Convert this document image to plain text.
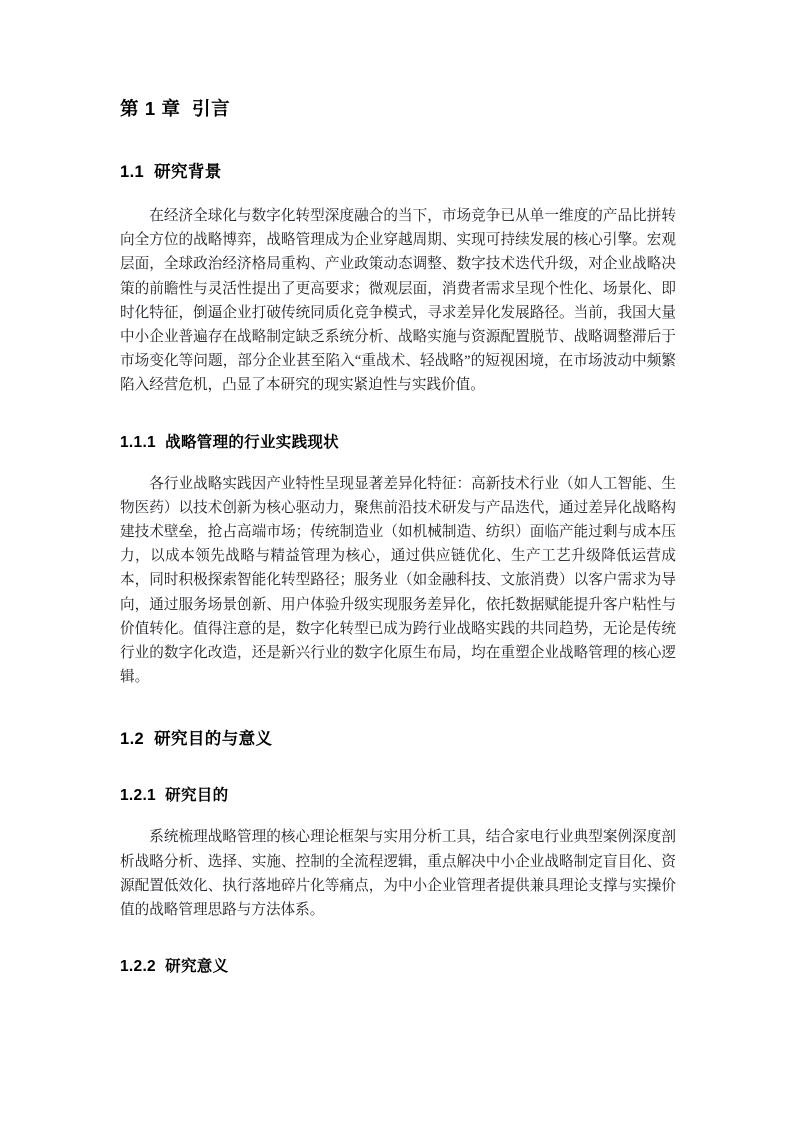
第 1 章  引言
1.1  研究背景

在经济全球化与数字化转型深度融合的当下，市场竞争已从单一维度的产品比拼转向全方位的战略博弈，战略管理成为企业穿越周期、实现可持续发展的核心引擎。宏观层面，全球政治经济格局重构、产业政策动态调整、数字技术迭代升级，对企业战略决策的前瞻性与灵活性提出了更高要求；微观层面，消费者需求呈现个性化、场景化、即时化特征，倒逼企业打破传统同质化竞争模式，寻求差异化发展路径。当前，我国大量中小企业普遍存在战略制定缺乏系统分析、战略实施与资源配置脱节、战略调整滞后于市场变化等问题，部分企业甚至陷入“重战术、轻战略”的短视困境，在市场波动中频繁陷入经营危机，凸显了本研究的现实紧迫性与实践价值。

1.1.1  战略管理的行业实践现状

各行业战略实践因产业特性呈现显著差异化特征：高新技术行业（如人工智能、生物医药）以技术创新为核心驱动力，聚焦前沿技术研发与产品迭代，通过差异化战略构建技术壁垒，抢占高端市场；传统制造业（如机械制造、纺织）面临产能过剩与成本压力，以成本领先战略与精益管理为核心，通过供应链优化、生产工艺升级降低运营成本，同时积极探索智能化转型路径；服务业（如金融科技、文旅消费）以客户需求为导向，通过服务场景创新、用户体验升级实现服务差异化，依托数据赋能提升客户粘性与价值转化。值得注意的是，数字化转型已成为跨行业战略实践的共同趋势，无论是传统行业的数字化改造，还是新兴行业的数字化原生布局，均在重塑企业战略管理的核心逻辑。

1.2  研究目的与意义
1.2.1  研究目的

系统梳理战略管理的核心理论框架与实用分析工具，结合家电行业典型案例深度剖析战略分析、选择、实施、控制的全流程逻辑，重点解决中小企业战略制定盲目化、资源配置低效化、执行落地碎片化等痛点，为中小企业管理者提供兼具理论支撑与实操价值的战略管理思路与方法体系。

1.2.2  研究意义
